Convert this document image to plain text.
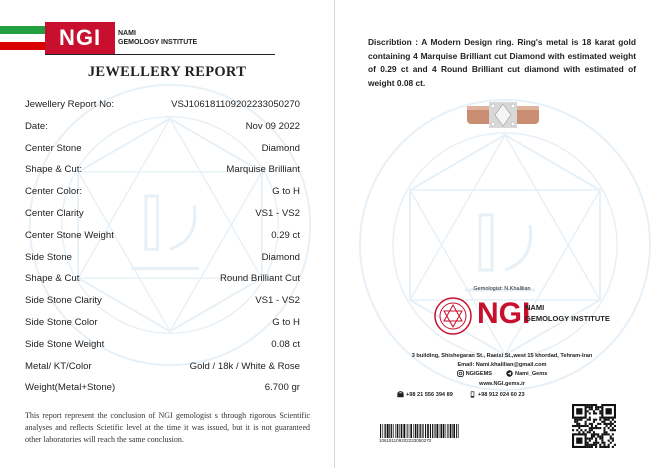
NGI NAMI
GEMOLOGY INSTITUTE
JEWELLERY REPORT
Jewellery Report No:	VSJ106181109202233050270
Date:	Nov 09 2022
Center Stone	Diamond
Shape & Cut:	Marquise Brilliant
Center Color:	G to H
Center Clarity	VS1 - VS2
Center Stone Weight	0.29 ct
Side Stone	Diamond
Shape & Cut	Round Brilliant Cut
Side Stone Clarity	VS1 - VS2
Side Stone Color	G to H
Side Stone Weight	0.08 ct
Metal/ KT/Color	Gold / 18k / White & Rose
Weight(Metal+Stone)	6.700 gr
This report represent the conclusion of NGI gemologist s through rigorous Scientific analyses and reflects Scietific level at the time it was issued, but it is not guaranteed other laboratories will reach the same conclusion.
Discribtion : A Modern Design ring. Ring's metal is 18 karat gold containing 4 Marquise Brilliant cut Diamond with estimated weight of 0.29 ct and 4 Round Brilliant cut diamond with estimated of weight 0.08 ct.
Gemologist: N.Khalilian
NGI
NAMI
GEMOLOGY INSTITUTE
3 building, Shishegaran St., Raeisi St.,west 15 khordad, Tehram-Iran
Email: Nami.khalilian@gmail.com
NGIGEMS	Nami_Gems
www.NGI.gems.ir
+98 21 556 394 89	+98 912 024 60 23
106181109202233050270
